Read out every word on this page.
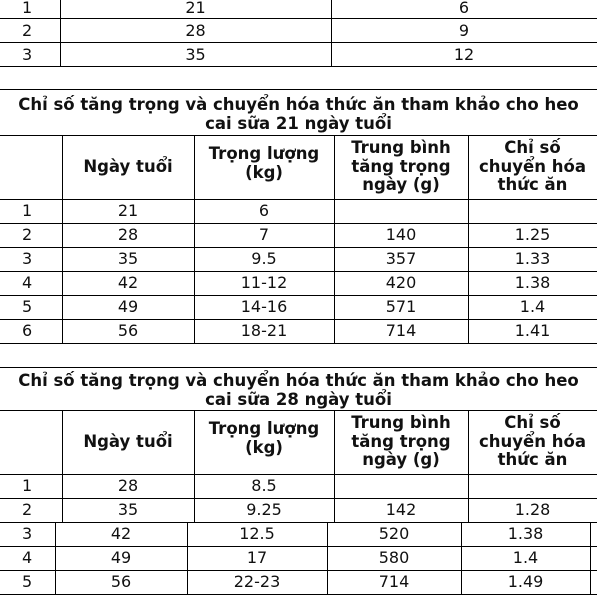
1	21	6
2	28	9
3	35	12
Chỉ số tăng trọng và chuyển hóa thức ăn tham khảo cho heo
cai sữa 21 ngày tuổi
Ngày tuổi
Trọng lượng
(kg)
Trung bình
tăng trọng
ngày (g)
Chỉ số
chuyển hóa
thức ăn
1	21	6
2	28	7	140	1.25
3	35	9.5	357	1.33
4	42	11-12	420	1.38
5	49	14-16	571	1.4
6	56	18-21	714	1.41
Chỉ số tăng trọng và chuyển hóa thức ăn tham khảo cho heo
cai sữa 28 ngày tuổi
Ngày tuổi
Trọng lượng
(kg)
Trung bình
tăng trọng
ngày (g)
Chỉ số
chuyển hóa
thức ăn
1	28	8.5
2	35	9.25	142	1.28
3	42	12.5	520	1.38
4	49	17	580	1.4
5	56	22-23	714	1.49
